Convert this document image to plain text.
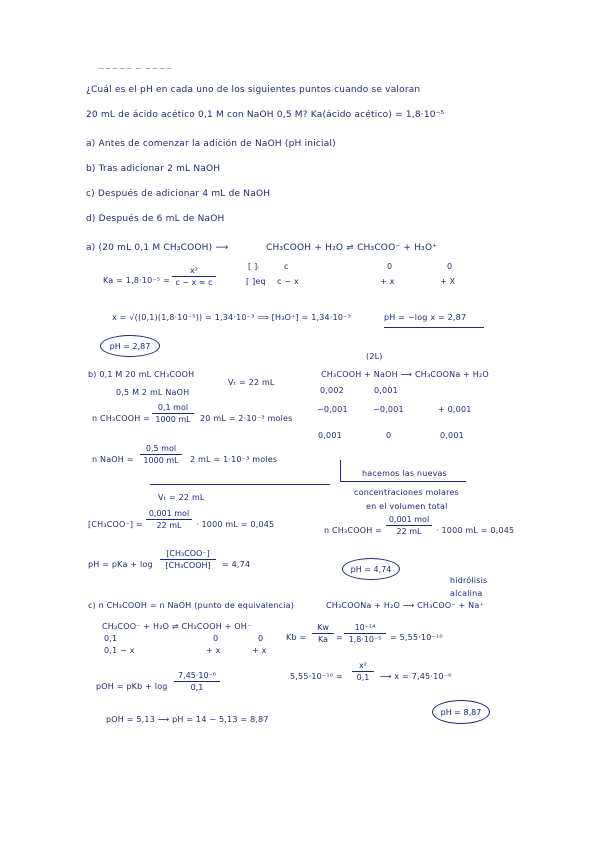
~~~~~ ~ ~~~~
¿Cuál es el pH en cada uno de los siguientes puntos cuando se valoran
20 mL de ácido acético 0,1 M con NaOH 0,5 M? Ka(ácido acético) = 1,8·10⁻⁵
a) Antes de comenzar la adición de NaOH (pH inicial)
b) Tras adicionar 2 mL NaOH
c) Después de adicionar 4 mL de NaOH
d) Después de 6 mL de NaOH
a) (20 mL 0,1 M CH₃COOH) ⟶	CH₃COOH + H₂O ⇌ CH₃COO⁻ + H₃O⁺
[ ]ᵢ	c	0	0
[ ]eq c − x	+ x	+ X
Ka = 1,8·10⁻⁵ =
x²
c − x ≈ c
x = √((0,1)(1,8·10⁻⁵)) = 1,34·10⁻³ ⟹ [H₃O⁺] = 1,34·10⁻³	pH = −log x = 2,87
pH = 2,87
(2L)
b) 0,1 M 20 mL CH₃COOH
0,5 M 2 mL NaOH
Vₜ = 22 mL
CH₃COOH + NaOH ⟶ CH₃COONa + H₂O
0,002	0,001
−0,001	−0,001	+ 0,001
0,001	0	0,001
n CH₃COOH =
0,1 mol
1000 mL	20 mL = 2·10⁻³ moles
n NaOH =
0,5 mol
1000 mL	2 mL = 1·10⁻³ moles
hacemos las nuevas
concentraciones molares
en el volumen total
Vₜ = 22 mL
[CH₃COO⁻] =
0,001 mol
22 mL	· 1000 mL = 0,045
n CH₃COOH =
0,001 mol
22 mL	· 1000 mL = 0,045
pH = pKa + log
[CH₃COO⁻]
[CH₃COOH]	= 4,74	pH = 4,74
hidrólisis
alcalina
c) n CH₃COOH = n NaOH (punto de equivalencia)	CH₃COONa + H₂O ⟶ CH₃COO⁻ + Na⁺
CH₃COO⁻ + H₂O ⇌ CH₃COOH + OH⁻
0,1	0	0
0,1 − x	+ x	+ x
Kb =
Kw
Ka	=
10⁻¹⁴
1,8·10⁻⁵	= 5,55·10⁻¹⁰
5,55·10⁻¹⁰ =
x²
0,1	⟶ x = 7,45·10⁻⁶
pOH = pKb + log
7,45·10⁻⁶
0,1
pOH = 5,13 ⟶ pH = 14 − 5,13 = 8,87
pH = 8,87
